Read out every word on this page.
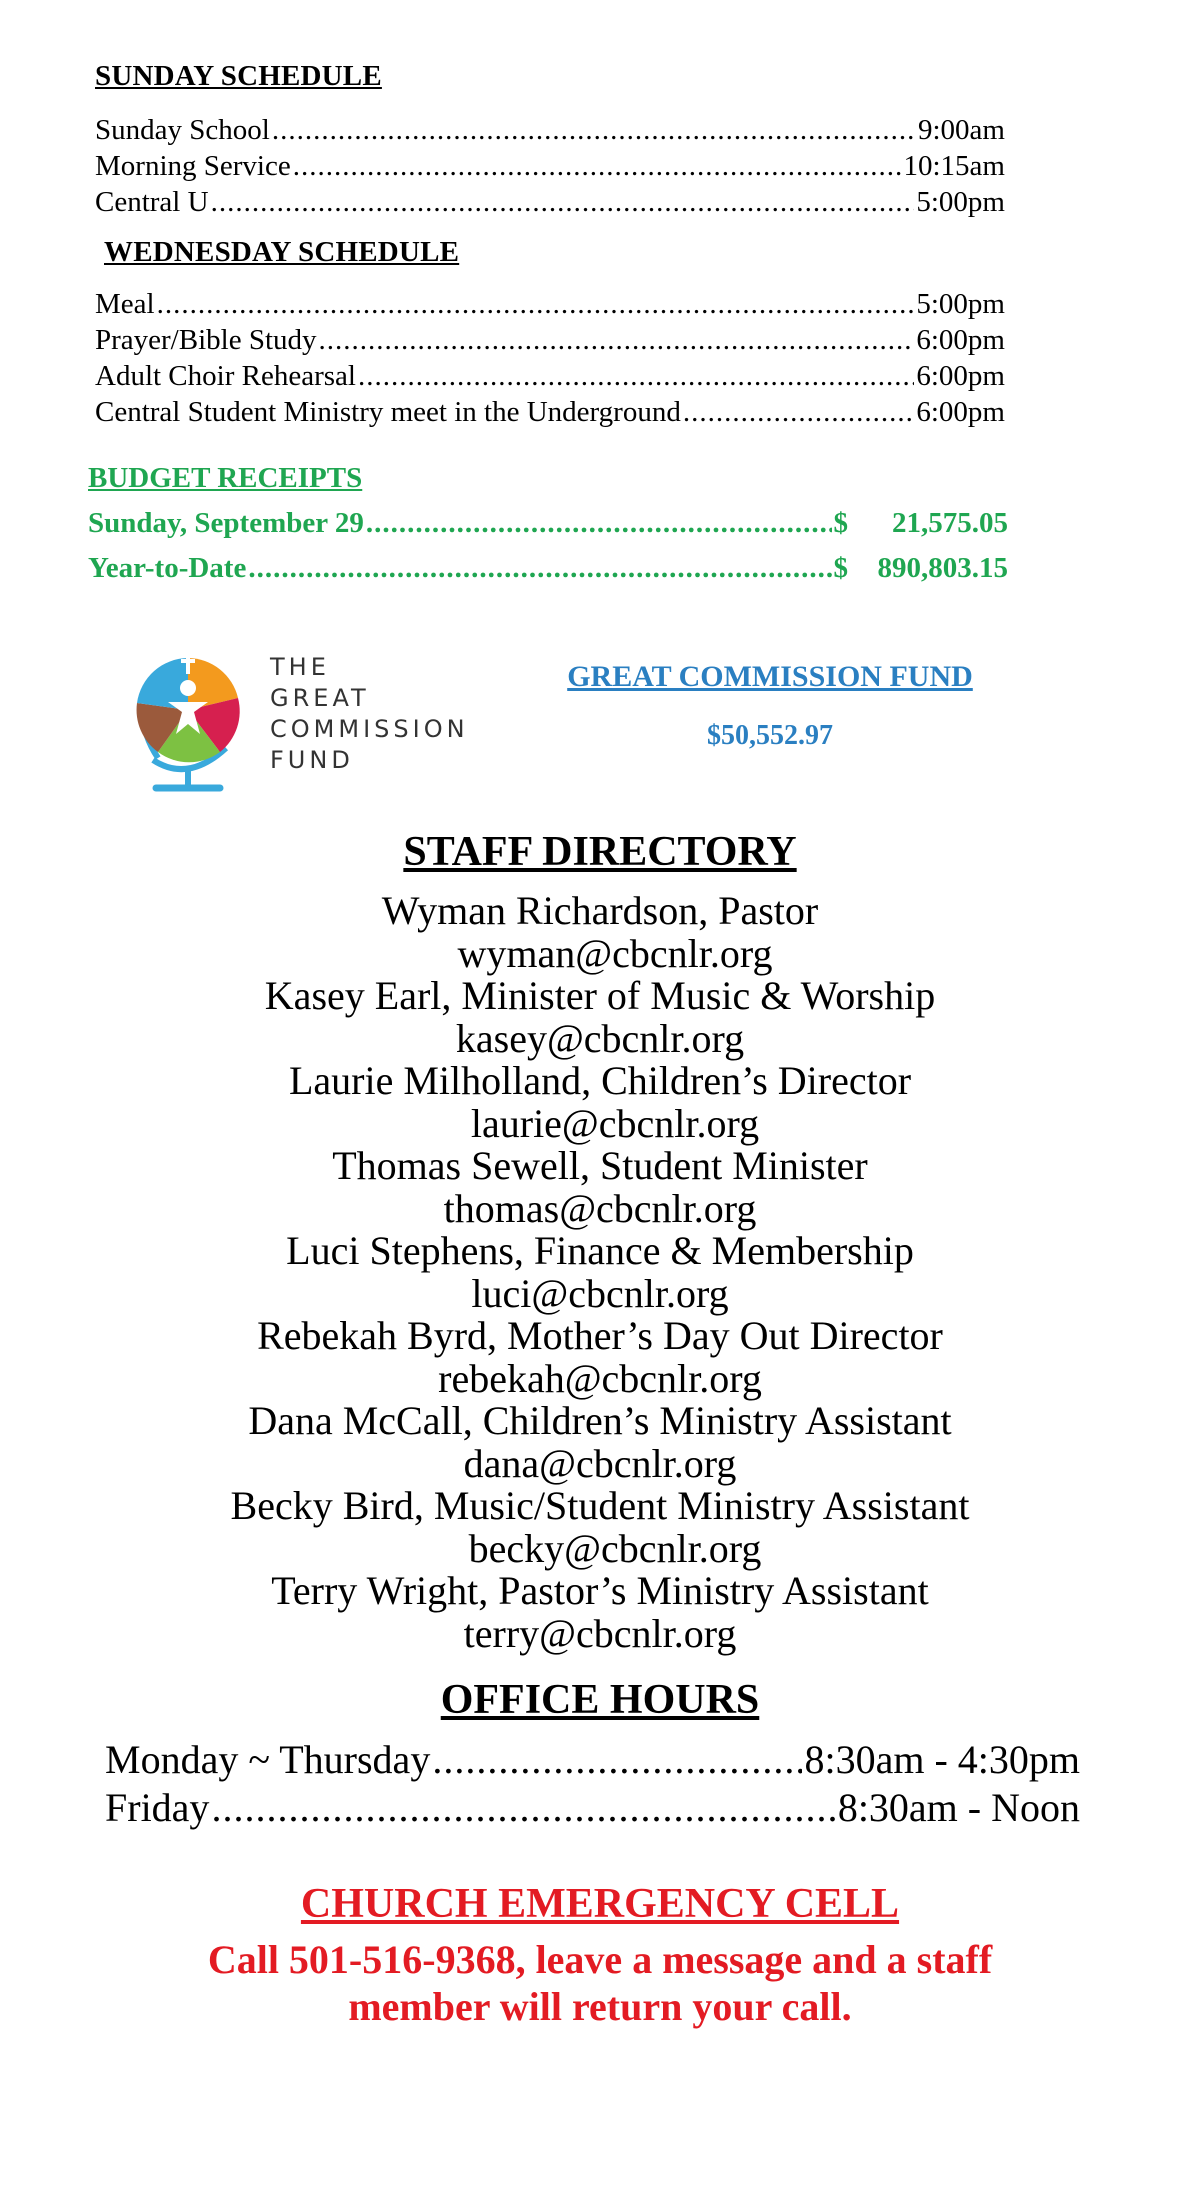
SUNDAY SCHEDULE
Sunday School .....	9:00am
Morning Service .....	10:15am
Central U .....	5:00pm
WEDNESDAY SCHEDULE
Meal .....	5:00pm
Prayer/Bible Study .....	6:00pm
Adult Choir Rehearsal .....	6:00pm
Central Student Ministry meet in the Underground .....	6:00pm
BUDGET RECEIPTS
Sunday, September 29 .....	$	21,575.05
Year-to-Date .....	$	890,803.15
THE
GREAT
COMMISSION
FUND
GREAT COMMISSION FUND
$50,552.97
STAFF DIRECTORY
Wyman Richardson, Pastor
wyman@cbcnlr.org
Kasey Earl, Minister of Music & Worship
kasey@cbcnlr.org
Laurie Milholland, Children’s Director
laurie@cbcnlr.org
Thomas Sewell, Student Minister
thomas@cbcnlr.org
Luci Stephens, Finance & Membership
luci@cbcnlr.org
Rebekah Byrd, Mother’s Day Out Director
rebekah@cbcnlr.org
Dana McCall, Children’s Ministry Assistant
dana@cbcnlr.org
Becky Bird, Music/Student Ministry Assistant
becky@cbcnlr.org
Terry Wright, Pastor’s Ministry Assistant
terry@cbcnlr.org
OFFICE HOURS
Monday ~ Thursday .....	8:30am - 4:30pm
Friday .....	8:30am - Noon
CHURCH EMERGENCY CELL
Call 501-516-9368, leave a message and a staff
member will return your call.
